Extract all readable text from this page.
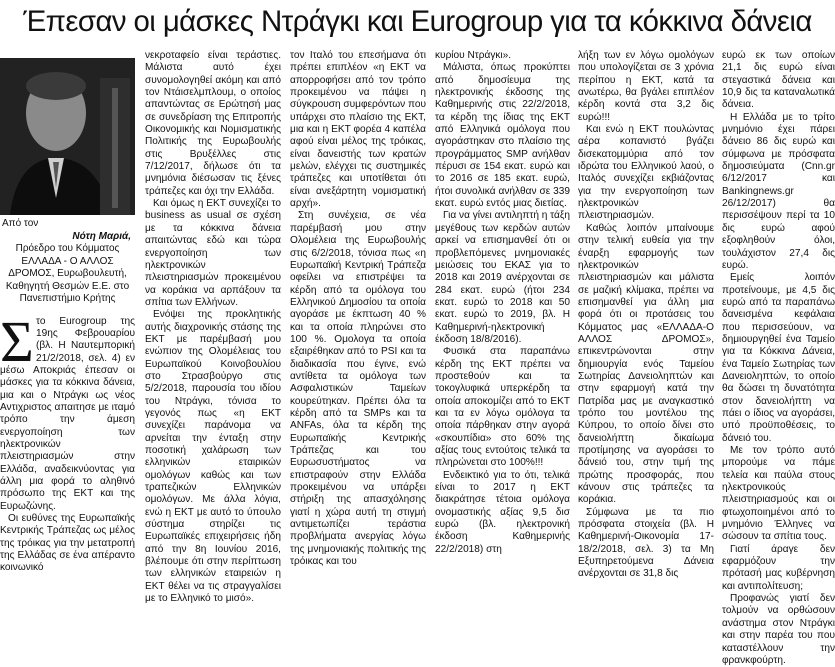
Έπεσαν οι μάσκες Ντράγκι και Eurogroup για τα κόκκινα δάνεια
Από τον
Νότη Μαριά,
Πρόεδρο του Κόμματος ΕΛΛΑΔΑ - Ο ΑΛΛΟΣ ΔΡΟΜΟΣ, Ευρωβουλευτή, Καθηγητή Θεσμών Ε.Ε. στο Πανεπιστήμιο Κρήτης
Σ το Eurogroup της 19ης Φεβρουαρίου (βλ. Η Ναυτεμπορική 21/2/2018, σελ. 4) εν μέσω Αποκριάς έπεσαν οι μάσκες για τα κόκκινα δάνεια, μια και ο Ντράγκι ως νέος Αντιχριστος απαιτησε με ιταμό τρόπο την άμεση ενεργοποίηση των ηλεκτρονικών πλειστηριασμών στην Ελλάδα, αναδεικνύοντας για άλλη μια φορά το αληθινό πρόσωπο της ΕΚΤ και της Ευρωζώνης.

Οι ευθύνες της Ευρωπαϊκής Κεντρικής Τράπεζας ως μέλος της τρόικας για την μετατροπή της Ελλάδας σε ένα απέραντο κοινωνικό

νεκροταφείο είναι τεράστιες. Μάλιστα αυτό έχει συνομολογηθεί ακόμη και από τον Ντάισελμπλουμ, ο οποίος απαντώντας σε Ερώτησή μας σε συνεδρίαση της Επιτροπής Οικονομικής και Νομισματικής Πολιτικής της Ευρωβουλής στις Βρυξέλλες στις 7/12/2017, δήλωσε ότι τα μνημόνια διέσωσαν τις ξένες τράπεζες και όχι την Ελλάδα.

Και όμως η ΕΚΤ συνεχίζει το business as usual σε σχέση με τα κόκκινα δάνεια απαιτώντας εδώ και τώρα ενεργοποίηση των ηλεκτρονικών πλειστηριασμών προκειμένου να κοράκια να αρπάξουν τα σπίτια των Ελλήνων.

Ενόψει της προκλητικής αυτής διαχρονικής στάσης της ΕΚΤ με παρέμβασή μου ενώπιον της Ολομέλειας του Ευρωπαϊκού Κοινοβουλίου στο Στρασβούργο στις 5/2/2018, παρουσία του ιδίου του Ντράγκι, τόνισα το γεγονός πως «η ΕΚΤ συνεχίζει παράνομα να αρνείται την ένταξη στην ποσοτική χαλάρωση των ελληνικών εταιρικών ομολόγων καθώς και των τραπεζικών Ελληνικών ομολόγων. Με άλλα λόγια, ενώ η ΕΚΤ με αυτό το ύπουλο σύστημα στηρίζει τις Ευρωπαϊκές επιχειρήσεις ήδη από την 8η Ιουνίου 2016, βλέπουμε ότι στην περίπτωση των ελληνικών εταιρειών η ΕΚΤ θέλει να τις στραγγαλίσει με το Ελληνικό το μισό».

τον Ιταλό του επεσήμανα ότι πρέπει επιπλέον «η ΕΚΤ να απορροφήσει από τον τρόπο προκειμένου να πάψει η σύγκρουση συμφερόντων που υπάρχει στο πλαίσιο της ΕΚΤ, μια και η ΕΚΤ φορέα 4 καπέλα αφού είναι μέλος της τρόικας, είναι δανειστής των κρατών μελών, ελέγχει τις συστημικές τράπεζες και υποτίθεται ότι είναι ανεξάρτητη νομισματική αρχή».

Στη συνέχεια, σε νέα παρέμβασή μου στην Ολομέλεια της Ευρωβουλής στις 6/2/2018, τόνισα πως «η Ευρωπαϊκή Κεντρική Τράπεζα οφείλει να επιστρέψει τα κέρδη από τα ομόλογα του Ελληνικού Δημοσίου τα οποία αγοράσε με έκπτωση 40 % και τα οποία πληρώνει στο 100 %. Ομολογα τα οποία εξαιρέθηκαν από το PSI και τα διαδικασία που έγινε, ενώ αντίθετα τα ομόλογα των Ασφαλιστικών Ταμείων κουρεύτηκαν. Πρέπει όλα τα κέρδη από τα SMPs και τα ANFAs, όλα τα κέρδη της Ευρωπαϊκής Κεντρικής Τράπεζας και του Ευρωσυστήματος να επιστραφούν στην Ελλάδα προκειμένου να υπάρξει στήριξη της απασχόλησης γιατί η χώρα αυτή τη στιγμή αντιμετωπίζει τεράστια προβλήματα ανεργίας λόγω της μνημονιακής πολιτικής της τρόικας και του

κυρίου Ντράγκι».

Μάλιστα, όπως προκύπτει από δημοσίευμα της ηλεκτρονικής έκδοσης της Καθημερινής στις 22/2/2018, τα κέρδη της ίδιας της ΕΚΤ από Ελληνικά ομόλογα που αγοράστηκαν στο πλαίσιο της προγράμματος SMP ανήλθαν πέρυσι σε 154 εκατ. ευρώ και το 2016 σε 185 εκατ. ευρώ, ήτοι συνολικά ανήλθαν σε 339 εκατ. ευρώ εντός μιας διετίας.

Για να γίνει αντιληπτή η τάξη μεγέθους των κερδών αυτών αρκεί να επισημανθεί ότι οι προβλεπόμενες μνημονιακές μειώσεις του ΕΚΑΣ για το 2018 και 2019 ανέρχονται σε 284 εκατ. ευρώ (ήτοι 234 εκατ. ευρώ το 2018 και 50 εκατ. ευρώ το 2019, βλ. Η Καθημερινή-ηλεκτρονική έκδοση 18/8/2016).

Φυσικά στα παραπάνω κέρδη της ΕΚΤ πρέπει να προστεθούν και τα τοκογλυφικά υπερκέρδη τα οποία αποκομίζει από το ΕΚΤ και τα εν λόγω ομόλογα τα οποία πάρθηκαν στην αγορά «σκουπίδια» στο 60% της αξίας τους εντούτοις τελικά τα πληρώνεται στο 100%!!!

Ενδεικτικό για το ότι, τελικά είναι το 2017 η ΕΚΤ διακράτησε τέτοια ομόλογα ονομαστικής αξίας 9,5 δισ ευρώ (βλ. ηλεκτρονική έκδοση Καθημερινής 22/2/2018) στη

λήξη των εν λόγω ομολόγων που υπολογίζεται σε 3 χρόνια περίπου η ΕΚΤ, κατά τα ανωτέρω, θα βγάλει επιπλέον κέρδη κοντά στα 3,2 δις ευρώ!!!

Και ενώ η ΕΚΤ πουλώντας αέρα κοπανιστό βγάζει δισεκατομμύρια από τον ιδρώτα του Ελληνικού λαού, ο Ιταλός συνεχίζει εκβιάζοντας για την ενεργοποίηση των ηλεκτρονικών πλειστηριασμών.

Καθώς λοιπόν μπαίνουμε στην τελική ευθεία για την έναρξη εφαρμογής των ηλεκτρονικών πλειστηριασμών και μάλιστα σε μαζική κλίμακα, πρέπει να επισημανθεί για άλλη μια φορά ότι οι προτάσεις του Κόμματος μας «ΕΛΛΑΔΑ-Ο ΑΛΛΟΣ ΔΡΟΜΟΣ», επικεντρώνονται στην δημιουργία ενός Ταμείου Σωτηρίας Δανειοληπτών και στην εφαρμογή κατά την Πατρίδα μας με αναγκαστικό τρόπο του μοντέλου της Κύπρου, το οποίο δίνει στο δανειολήπτη δικαίωμα προτίμησης να αγοράσει το δάνειό του, στην τιμή της πρώτης προσφοράς, που κάνουν στις τράπεζες τα κοράκια.

Σύμφωνα με τα πιο πρόσφατα στοιχεία (βλ. Η Καθημερινή-Οικονομία 17-18/2/2018, σελ. 3) τα Μη Εξυπηρετούμενα Δάνεια ανέρχονται σε 31,8 δις

ευρώ εκ των οποίων 21,1 δις ευρώ είναι στεγαστικά δάνεια και 10,9 δις τα καταναλωτικά δάνεια.

Η Ελλάδα με το τρίτο μνημόνιο έχει πάρει δάνειο 86 δις ευρώ και σύμφωνα με πρόσφατα δημοσιεύματα (Cnn.gr 6/12/2017 και Bankingnews.gr 26/12/2017) θα περισσέψουν περί τα 10 δις ευρώ αφού εξοφληθούν όλοι, τουλάχιστον 27,4 δις ευρώ.

Εμείς λοιπόν προτείνουμε, με 4,5 δις ευρώ από τα παραπάνω δανεισμένα κεφάλαια που περισσεύουν, να δημιουργηθεί ένα Ταμείο για τα Κόκκινα Δάνεια, ένα Ταμείο Σωτηρίας των Δανειοληπτών, το οποίο θα δώσει τη δυνατότητα στον δανειολήπτη να πάει ο ίδιος να αγοράσει, υπό προϋποθέσεις, το δάνειό του.

Με τον τρόπο αυτό μπορούμε να πάμε τελεία και παύλα στους ηλεκτρονικούς πλειστηριασμούς και οι φτωχοποιημένοι από το μνημόνιο Έλληνες να σώσουν τα σπίτια τους.

Γιατί άραγε δεν εφαρμόζουν την πρότασή μας κυβέρνηση και αντιπολίτευση;

Προφανώς γιατί δεν τολμούν να ορθώσουν ανάστημα στον Ντράγκι και στην παρέα του που καταστέλλουν την φρανκφούρτη.
